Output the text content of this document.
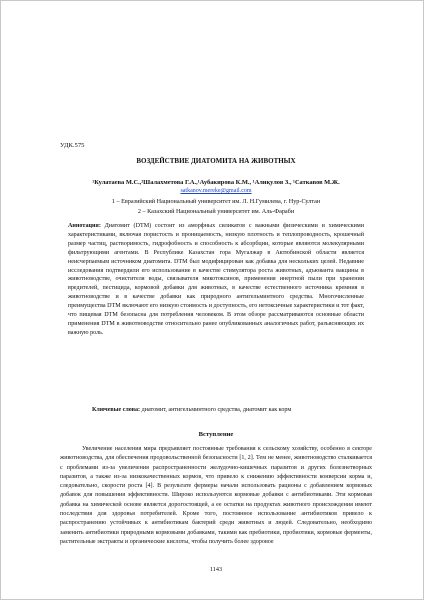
УДК.575
ВОЗДЕЙСТВИЕ ДИАТОМИТА НА ЖИВОТНЫХ
¹Кулатаева М.С.,²Шалахметова Г.А.,¹Аубакирова К.М., ¹Алиқулов З., ¹Саткаnов М.Ж.
satkanov.mereke@gmail.com
1 – Евразийский Национальный университет им. Л. Н.Гумилева, г. Нур-Султан
2 – Казахский Национальный университет им. Аль-Фараби
Аннотация: Диатомит (DTM) состоит из аморфных силикатов с важными физическими и химическими характеристиками, включая пористость и проницаемость, низкую плотность и теплопроводность, крошечный размер частиц, растворимость, гидрофобность и способность к абсорбции, которые являются молекулярными фильтрующими агентами. В Республике Казахстан гора Мугалжар в Актюбинской области является неисчерпаемым источником диатомита. DTM был модифицирован как добавка для нескольких целей. Недавние исследования подтвердили его использование в качестве стимулятора роста животных, адъюванта вакцины в животноводстве, очистителя воды, связывателя микотоксинов, применения инертной пыли при хранении вредителей, пестицида, кормовой добавки для животных, в качестве естественного источника кремния в животноводстве и в качестве добавки как природного антигельминтного средства. Многочисленные преимущества DTM включают его низкую стоимость и доступность, его нетоксичные характеристики и тот факт, что пищевая DTM безопасна для потребления человеком. В этом обзоре рассматриваются основные области применения DTM в животноводстве относительно ранее опубликованных аналогичных работ, разъясняющих их важную роль.
Ключевые слова: диатомит, антигельминтного средства, диатомит как корм
Вступление
Увеличение населения мира предъявляет постоянные требования к сельскому хозяйству, особенно в секторе животноводства, для обеспечения продовольственной безопасности [1, 2]. Тем не менее, животноводство сталкивается с проблемами из-за увеличения распространенности желудочно-кишечных паразитов и других болезнетворных паразитов, а также из-за низкокачественных кормов, что привело к снижению эффективности конверсии корма и, следовательно, скорости роста [4]. В результате фермеры начали использовать рационы с добавлением кормовых добавок для повышения эффективности. Широко используются кормовые добавки с антибиотиками. Эти кормовая добавка на химической основе является дорогостоящей, а ее остатки на продуктах животного происхождения имеют последствия для здоровья потребителей. Кроме того, постоянное использование антибиотиков привело к распространению устойчивых к антибиотикам бактерий среди животных и людей. Следовательно, необходимо заменить антибиотики природными кормовыми добавками, такими как пребиотики, пробиотики, кормовые ферменты, растительные экстракты и органические кислоты, чтобы получить более здоровое
1143
